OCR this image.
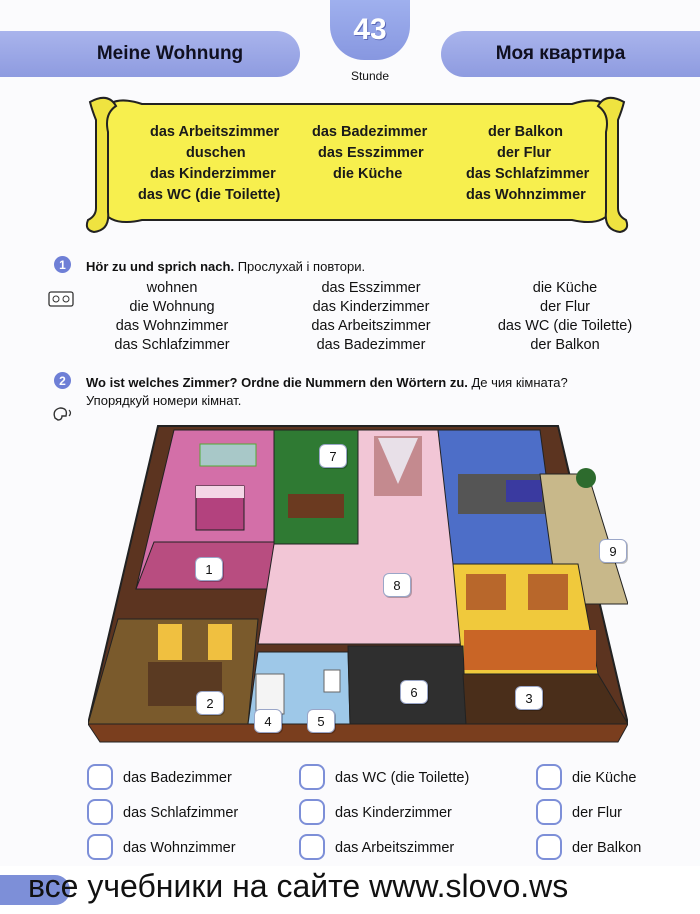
Meine Wohnung	Моя квартира
43
Stunde
das Arbeitszimmer
duschen
das Kinderzimmer
das WC (die Toilette)
das Badezimmer
das Esszimmer
die Küche
der Balkon
der Flur
das Schlafzimmer
das Wohnzimmer
1	Hör zu und sprich nach. Прослухай і повтори.
wohnen
die Wohnung
das Wohnzimmer
das Schlafzimmer
das Esszimmer
das Kinderzimmer
das Arbeitszimmer
das Badezimmer
die Küche
der Flur
das WC (die Toilette)
der Balkon
2	Wo ist welches Zimmer? Ordne die Nummern den Wörtern zu. Де чия кімната?
Упорядкуй номери кімнат.
1
2	3
4	5
6
7
8
9
das Badezimmer
das Schlafzimmer
das Wohnzimmer
das WC (die Toilette)
das Kinderzimmer
das Arbeitszimmer
die Küche
der Flur
der Balkon
все учебники на сайте www.slovo.ws
